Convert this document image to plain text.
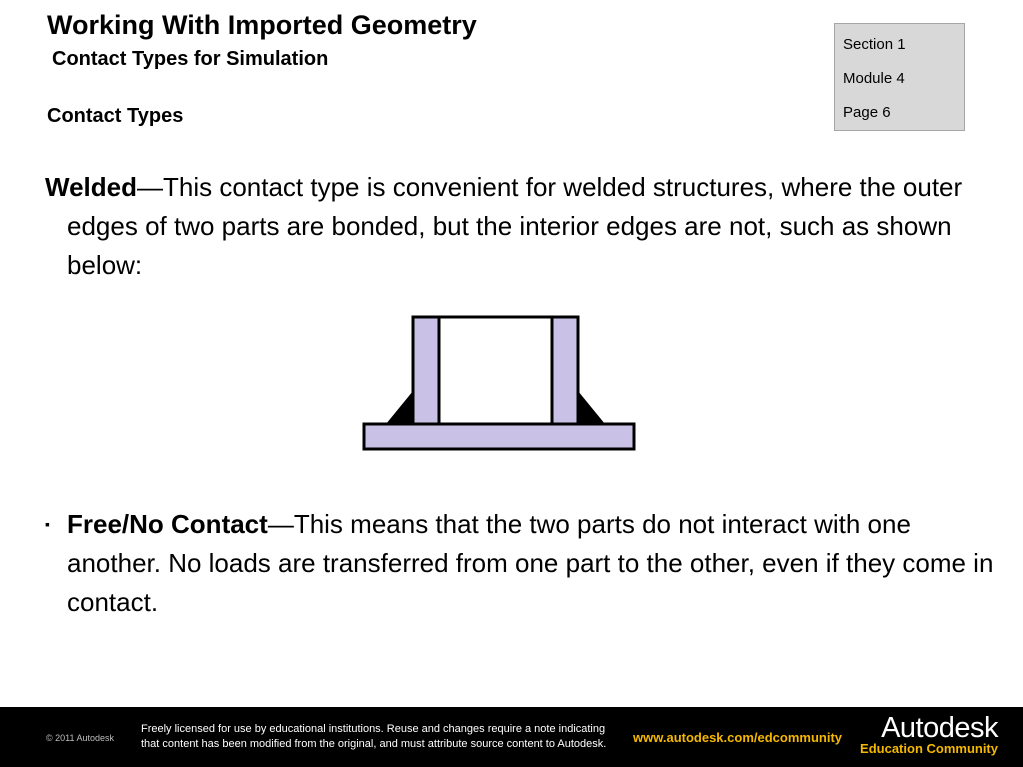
Working With Imported Geometry
Contact Types for Simulation
Contact Types
Section 1
Module 4
Page 6
Welded—This contact type is convenient for welded structures, where the outer edges of two parts are bonded, but the interior edges are not, such as shown below:
▪ Free/No Contact—This means that the two parts do not interact with one another. No loads are transferred from one part to the other, even if they come in contact.
© 2011 Autodesk
Freely licensed for use by educational institutions. Reuse and changes require a note indicating
that content has been modified from the original, and must attribute source content to Autodesk. www.autodesk.com/edcommunity	Autodesk
Education Community
